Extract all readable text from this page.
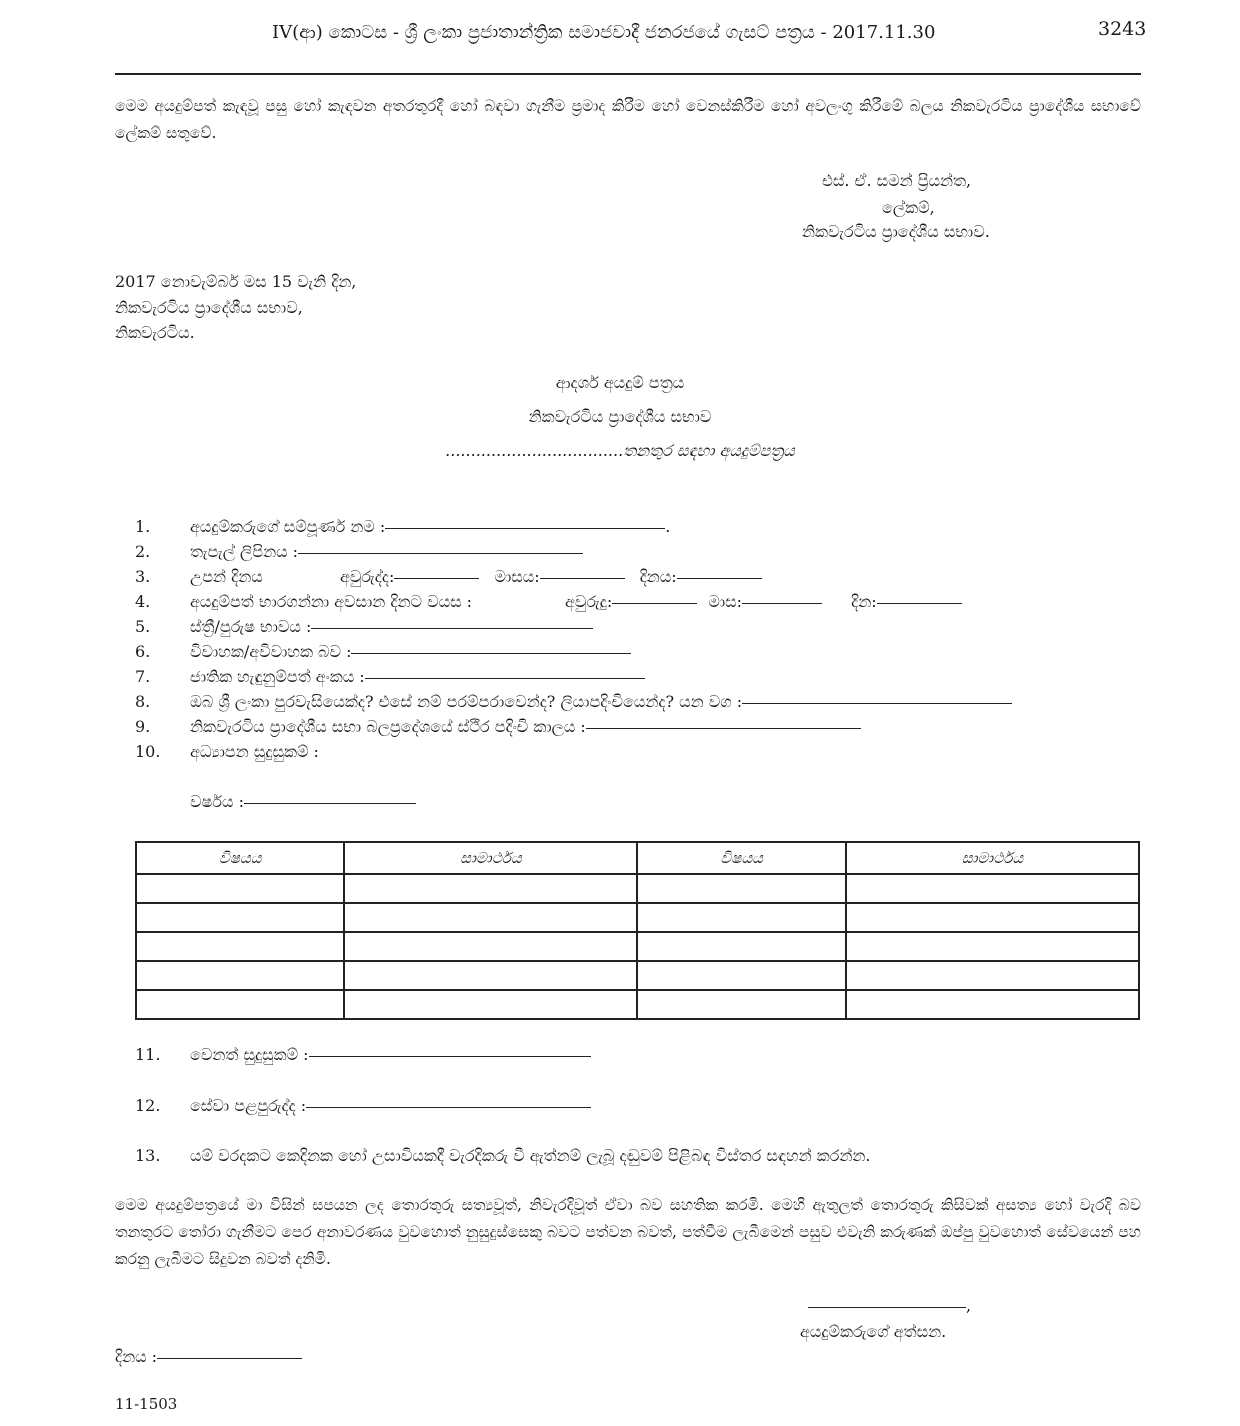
IV(ආ) කොටස - ශ්‍රී ලංකා ප්‍රජාතාන්ත්‍රික සමාජවාදී ජනරජයේ ගැසට් පත්‍රය - 2017.11.30	3243
මෙම අයදුම්පත් කැඳවූ පසු හෝ කැඳවන අතරතුරදී හෝ බඳවා ගැනීම ප්‍රමාද කිරීම හෝ වෙනස්කිරීම හෝ අවලංගු කිරීමේ බලය නිකවැරටිය ප්‍රාදේශීය සභාවේ ලේකම් සතුවේ.
එස්. ඒ. සමන් ප්‍රියන්ත,
ලේකම්,
නිකවැරටිය ප්‍රාදේශීය සභාව.
2017 නොවැම්බර් මස 15 වැනි දින,
නිකවැරටිය ප්‍රාදේශීය සභාව,
නිකවැරටිය.
ආදර්ශ අයදුම් පත්‍රය
නිකවැරටිය ප්‍රාදේශීය සභාව
...................................තනතුර සඳහා අයදුම්පත්‍රය
1. අයදුම්කරුගේ සම්පූර්ණ නම :	.
2. තැපැල් ලිපිනය :
3. උපන් දිනය	අවුරුද්ද:	මාසය:	දිනය:
4. අයදුම්පත් භාරගන්නා අවසාන දිනට වයස :	අවුරුදු:	මාස:	දින:
5. ස්ත්‍රී/පුරුෂ භාවය :
6. විවාහක/අවිවාහක බව :
7. ජාතික හැඳුනුම්පත් අංකය :
8. ඔබ ශ්‍රී ලංකා පුරවැසියෙක්ද? එසේ නම් පරම්පරාවෙන්ද? ලියාපදිංචියෙන්ද? යන වග :
9. නිකවැරටිය ප්‍රාදේශීය සභා බලප්‍රදේශයේ ස්ථිර පදිංචි කාලය :
10. අධ්‍යාපන සුදුසුකම් :
වර්ෂය :
විෂයය	සාමාර්ථය	විෂයය	සාමාර්ථය

11. වෙනත් සුදුසුකම් :
12. සේවා පළපුරුද්ද :
13. යම් වරදකට කෙදිනක හෝ උසාවියකදී වැරදිකරු වී ඇත්නම් ලැබූ දඬුවම් පිළිබඳ විස්තර සඳහන් කරන්න.
මෙම අයදුම්පත්‍රයේ මා විසින් සපයන ලද තොරතුරු සත්‍යවූත්, නිවැරදිවූත් ඒවා බව සහතික කරමි. මෙහි ඇතුලත් තොරතුරු කිසිවක් අසත්‍ය හෝ වැරදි බව තනතුරට තෝරා ගැනීමට පෙර අනාවරණය වුවහොත් නුසුදුස්සෙකු බවට පත්වන බවත්, පත්වීම ලැබීමෙන් පසුව එවැනි කරුණක් ඔප්පු වුවහොත් සේවයෙන් පහ කරනු ලැබීමට සිදුවන බවත් දනිමි.
,
අයදුම්කරුගේ අත්සන.
දිනය :
11-1503
